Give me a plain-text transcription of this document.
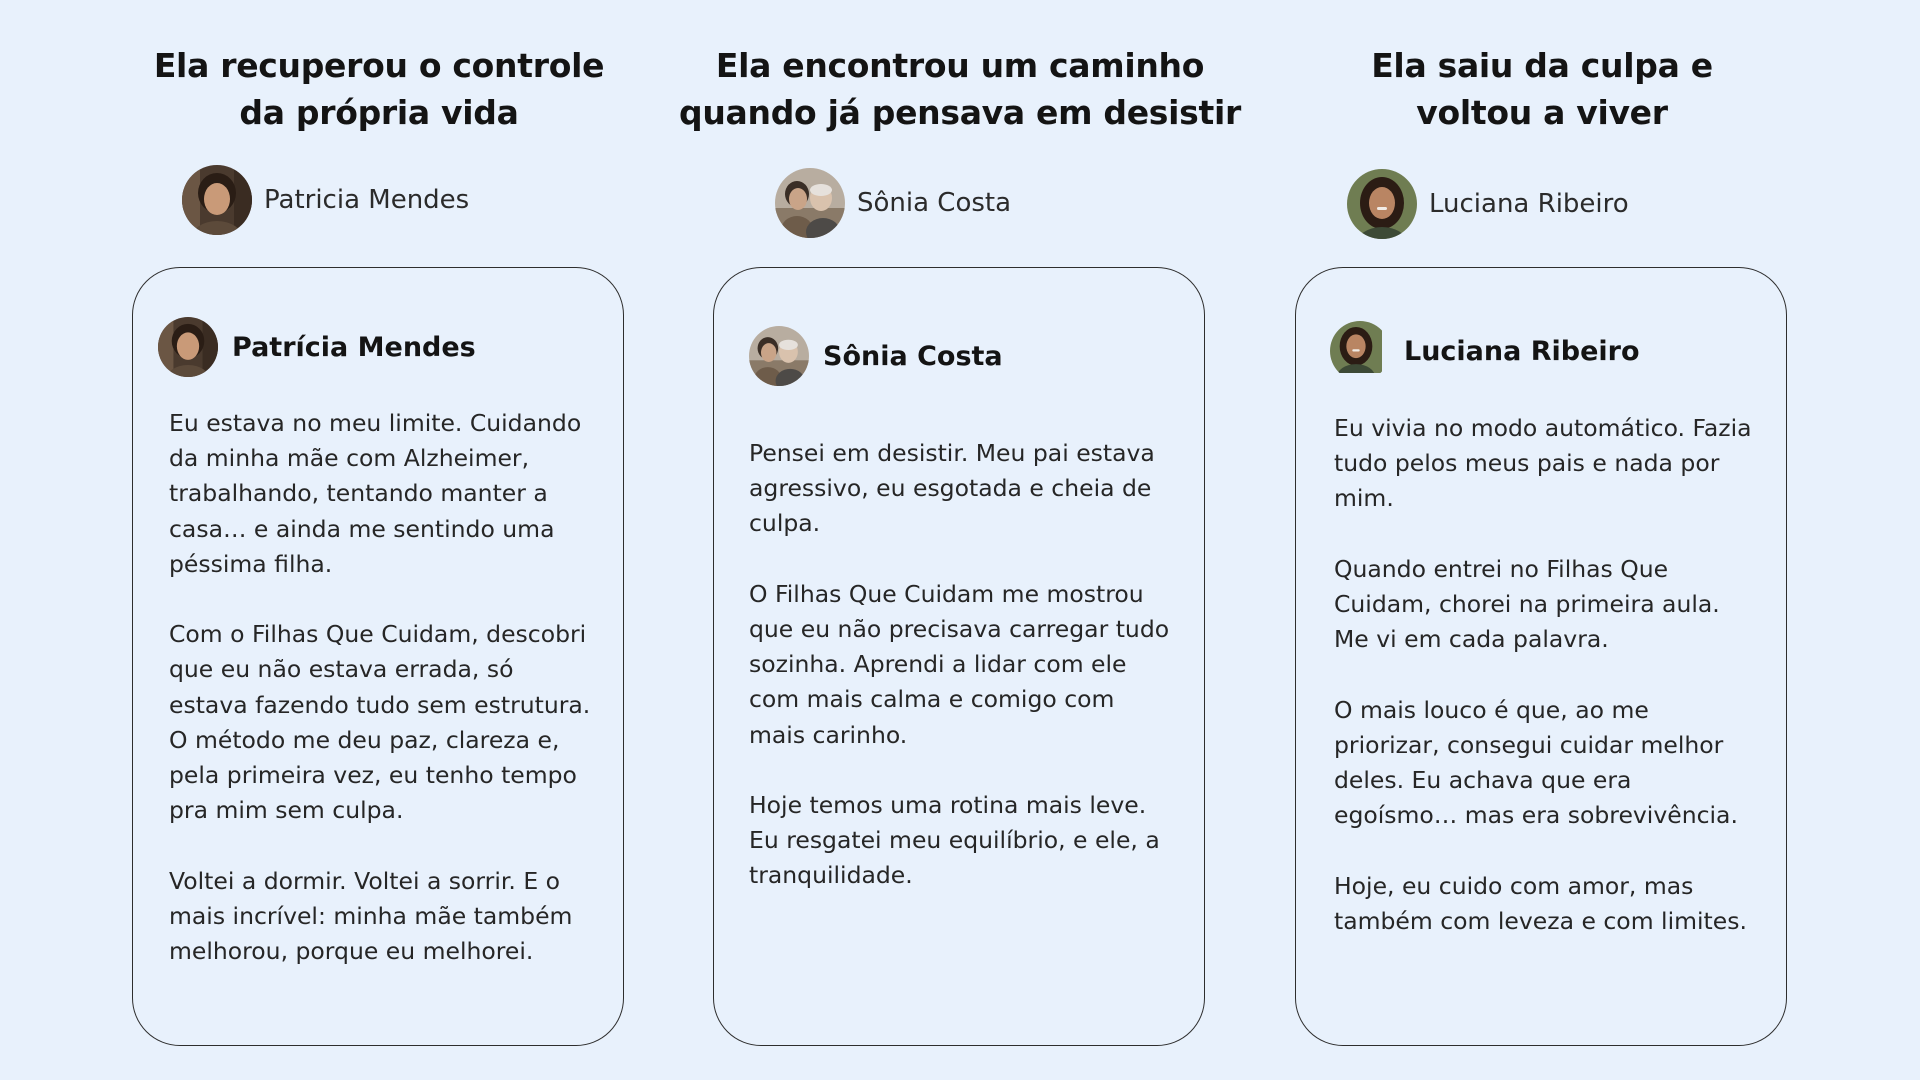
Ela recuperou o controle
da própria vida
Patricia Mendes
Patrícia Mendes

Eu estava no meu limite. Cuidando da minha mãe com Alzheimer, trabalhando, tentando manter a casa… e ainda me sentindo uma péssima filha.

Com o Filhas Que Cuidam, descobri que eu não estava errada, só estava fazendo tudo sem estrutura. O método me deu paz, clareza e, pela primeira vez, eu tenho tempo pra mim sem culpa.

Voltei a dormir. Voltei a sorrir. E o mais incrível: minha mãe também melhorou, porque eu melhorei.

Ela encontrou um caminho
quando já pensava em desistir
Sônia Costa
Sônia Costa

Pensei em desistir. Meu pai estava agressivo, eu esgotada e cheia de culpa.

O Filhas Que Cuidam me mostrou que eu não precisava carregar tudo sozinha. Aprendi a lidar com ele com mais calma e comigo com mais carinho.

Hoje temos uma rotina mais leve. Eu resgatei meu equilíbrio, e ele, a tranquilidade.

Ela saiu da culpa e
voltou a viver
Luciana Ribeiro
Luciana Ribeiro

Eu vivia no modo automático. Fazia tudo pelos meus pais e nada por mim.

Quando entrei no Filhas Que Cuidam, chorei na primeira aula. Me vi em cada palavra.

O mais louco é que, ao me priorizar, consegui cuidar melhor deles. Eu achava que era egoísmo… mas era sobrevivência.

Hoje, eu cuido com amor, mas também com leveza e com limites.
